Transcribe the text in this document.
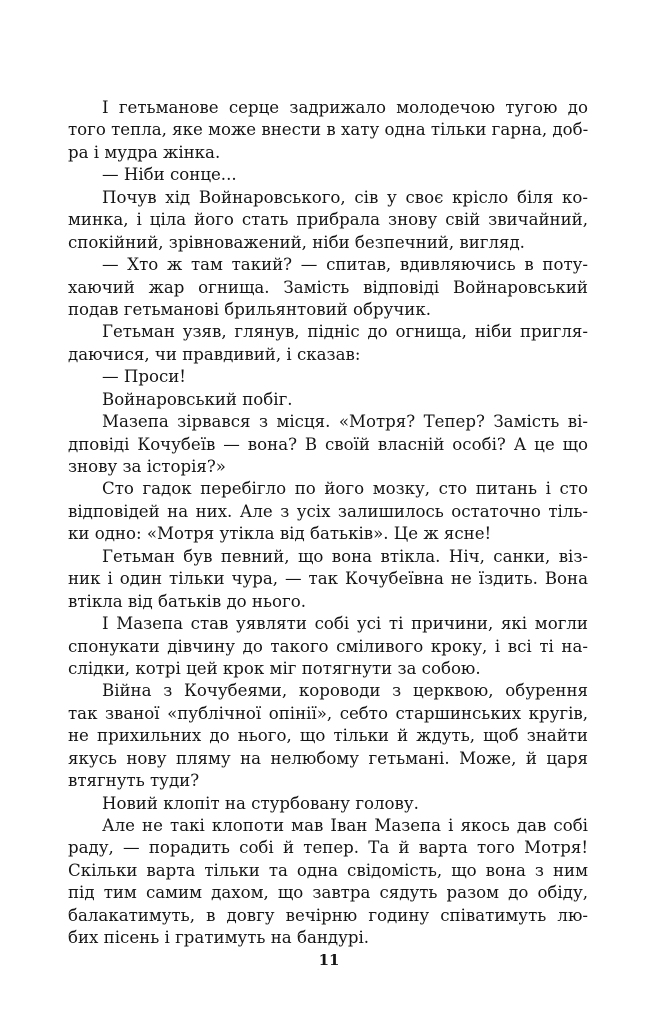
І гетьманове серце задрижало молодечою тугою до
того тепла, яке може внести в хату одна тільки гарна, доб-
ра і мудра жінка.
— Ніби сонце...
Почув хід Войнаровського, сів у своє крісло біля ко-
минка, і ціла його стать прибрала знову свій звичайний,
спокійний, зрівноважений, ніби безпечний, вигляд.
— Хто ж там такий? — спитав, вдивляючись в поту-
хаючий жар огнища. Замість відповіді Войнаровський
подав гетьманові брильянтовий обручик.
Гетьман узяв, глянув, підніс до огнища, ніби пригля-
даючися, чи правдивий, і сказав:
— Проси!
Войнаровський побіг.
Мазепа зірвався з місця. «Мотря? Тепер? Замість ві-
дповіді Кочубеїв — вона? В своїй власній особі? А це що
знову за історія?»
Сто гадок перебігло по його мозку, сто питань і сто
відповідей на них. Але з усіх залишилось остаточно тіль-
ки одно: «Мотря утікла від батьків». Це ж ясне!
Гетьман був певний, що вона втікла. Ніч, санки, віз-
ник і один тільки чура, — так Кочубеївна не їздить. Вона
втікла від батьків до нього.
І Мазепа став уявляти собі усі ті причини, які могли
спонукати дівчину до такого сміливого кроку, і всі ті на-
слідки, котрі цей крок міг потягнути за собою.
Війна з Кочубеями, короводи з церквою, обурення
так званої «публічної опінії», себто старшинських кругів,
не прихильних до нього, що тільки й ждуть, щоб знайти
якусь нову пляму на нелюбому гетьмані. Може, й царя
втягнуть туди?
Новий клопіт на стурбовану голову.
Але не такі клопоти мав Іван Мазепа і якось дав собі
раду, — порадить собі й тепер. Та й варта того Мотря!
Скільки варта тільки та одна свідомість, що вона з ним
під тим самим дахом, що завтра сядуть разом до обіду,
балакатимуть, в довгу вечірню годину співатимуть лю-
бих пісень і гратимуть на бандурі.
11
